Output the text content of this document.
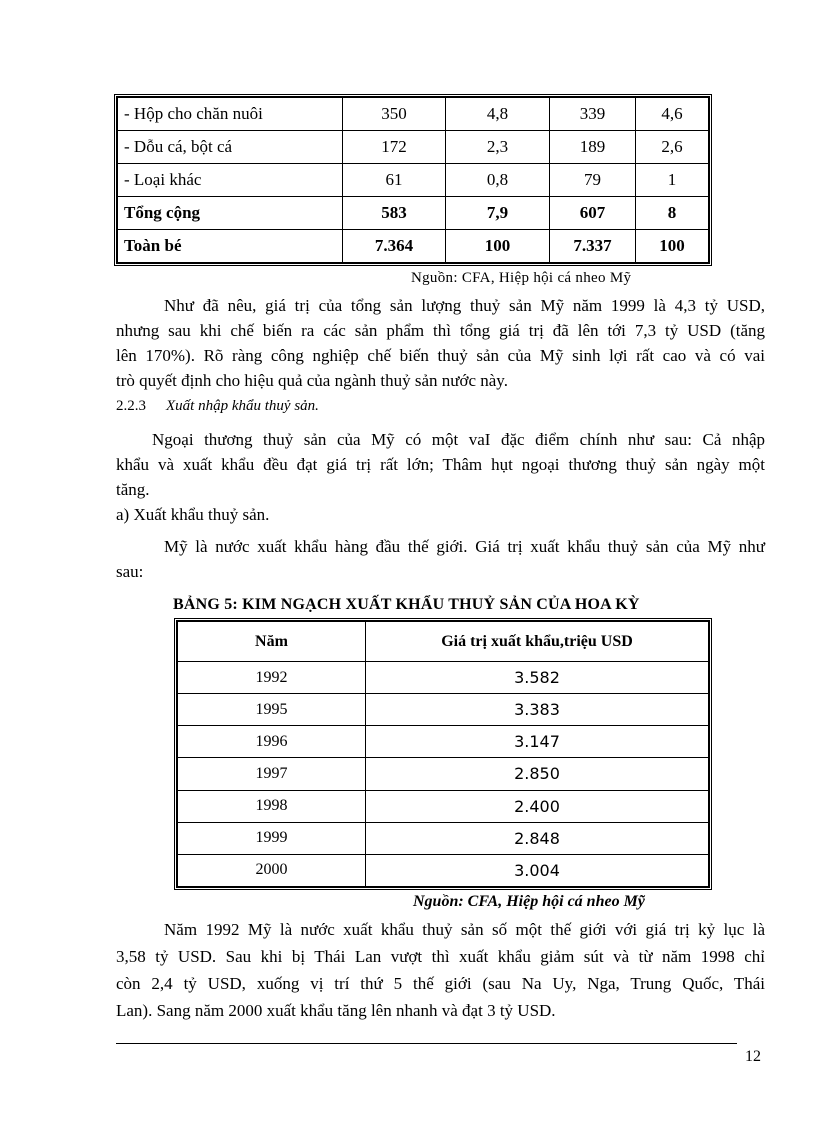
- Hộp cho chăn nuôi	350	4,8	339	4,6
- Dỗu cá, bột cá	172	2,3	189	2,6
- Loại khác	61	0,8	79	1
Tổng cộng	583	7,9	607	8
Toàn bé	7.364	100	7.337	100
Nguồn: CFA, Hiệp hội cá nheo Mỹ
Như đã nêu, giá trị của tổng sản lượng thuỷ sản Mỹ năm 1999 là 4,3 tỷ USD,
nhưng sau khi chế biến ra các sản phẩm thì tổng giá trị đã lên tới 7,3 tỷ USD (tăng
lên 170%). Rõ ràng công nghiệp chế biến thuỷ sản của Mỹ sinh lợi rất cao và có vai
trò quyết định cho hiệu quả của ngành thuỷ sản nước này.
2.2.3 Xuất nhập khẩu thuỷ sản.
Ngoại thương thuỷ sản của Mỹ có một vaI đặc điểm chính như sau: Cả nhập
khẩu và xuất khẩu đều đạt giá trị rất lớn; Thâm hụt ngoại thương thuỷ sản ngày một
tăng.
a) Xuất khẩu thuỷ sản.
Mỹ là nước xuất khẩu hàng đầu thế giới. Giá trị xuất khẩu thuỷ sản của Mỹ như
sau:
BẢNG 5: KIM NGẠCH XUẤT KHẨU THUỶ SẢN CỦA HOA KỲ
Năm	Giá trị xuất khẩu,triệu USD
1992	3.582
1995	3.383
1996	3.147
1997	2.850
1998	2.400
1999	2.848
2000	3.004
Nguồn: CFA, Hiệp hội cá nheo Mỹ
Năm 1992 Mỹ là nước xuất khẩu thuỷ sản số một thế giới với giá trị kỷ lục là
3,58 tỷ USD. Sau khi bị Thái Lan vượt thì xuất khẩu giảm sút và từ năm 1998 chỉ
còn 2,4 tỷ USD, xuống vị trí thứ 5 thế giới (sau Na Uy, Nga, Trung Quốc, Thái
Lan). Sang năm 2000 xuất khẩu tăng lên nhanh và đạt 3 tỷ USD.
12
